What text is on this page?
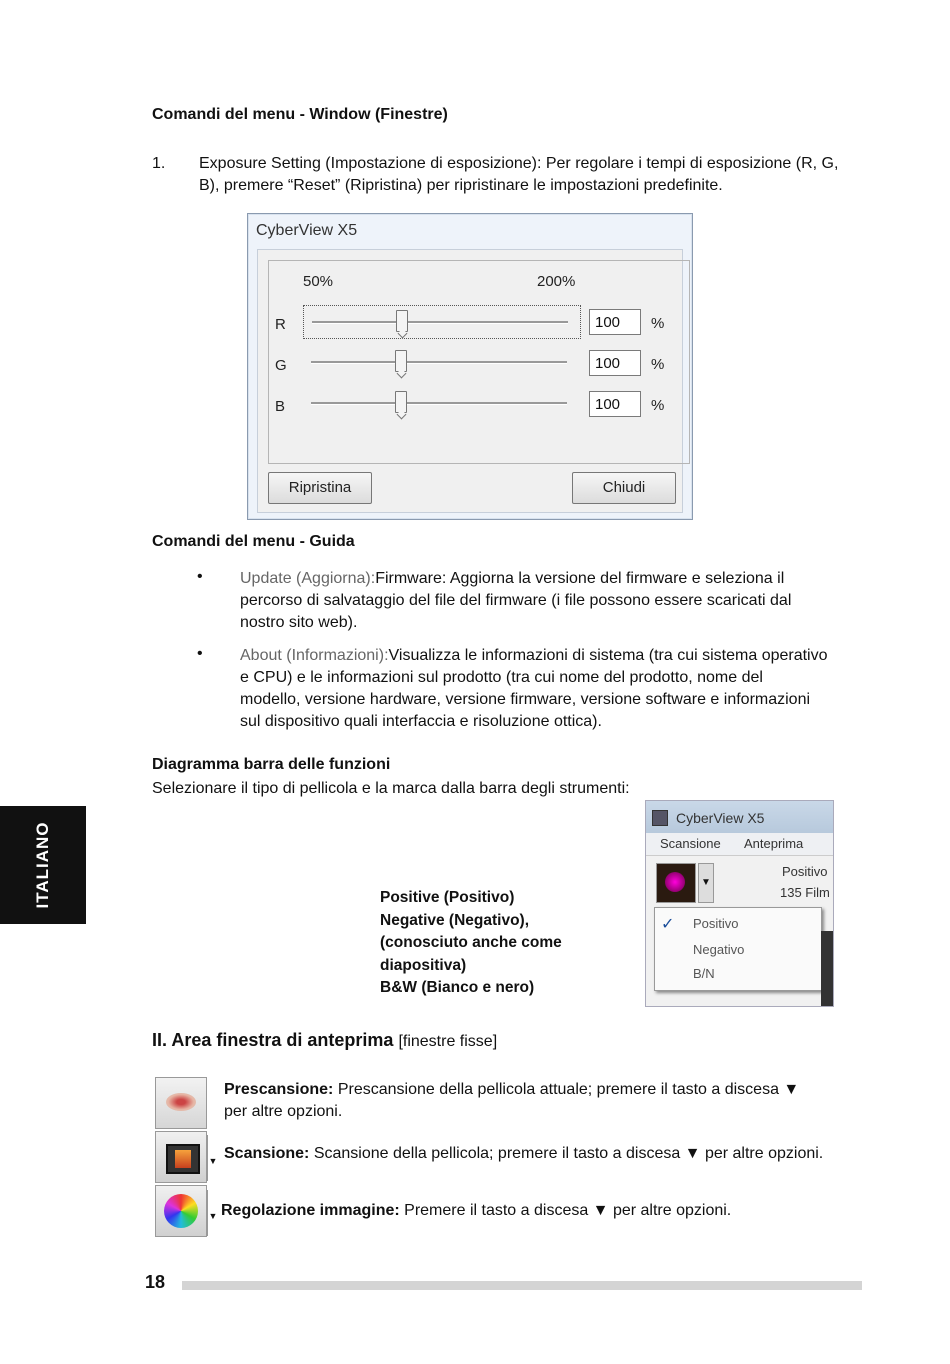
Comandi del menu - Window (Finestre)
1. Exposure Setting (Impostazione di esposizione): Per regolare i tempi di esposizione (R, G,
B), premere “Reset” (Ripristina) per ripristinare le impostazioni predefinite.
CyberView X5
50%	200%
R	100	%
G	100	%
B	100	%
Ripristina	Chiudi
Comandi del menu - Guida
• Update (Aggiorna):Firmware: Aggiorna la versione del firmware e seleziona il
percorso di salvataggio del file del firmware (i file possono essere scaricati dal
nostro sito web).
• About (Informazioni):Visualizza le informazioni di sistema (tra cui sistema operativo
e CPU) e le informazioni sul prodotto (tra cui nome del prodotto, nome del
modello, versione hardware, versione firmware, versione software e informazioni
sul dispositivo quali interfaccia e risoluzione ottica).
Diagramma barra delle funzioni
Selezionare il tipo di pellicola e la marca dalla barra degli strumenti:
ITALIANO	Positive (Positivo)
Negative (Negativo),
(conosciuto anche come
diapositiva)
B&W (Bianco e nero)
CyberView X5
Scansione Anteprima
▼
Positivo
135 Film
✓ Positivo
Negativo
B/N
II. Area finestra di anteprima [finestre fisse]
Prescansione: Prescansione della pellicola attuale; premere il tasto a discesa ▼
per altre opzioni.
▼ Scansione: Scansione della pellicola; premere il tasto a discesa ▼ per altre opzioni.
▼ Regolazione immagine: Premere il tasto a discesa ▼ per altre opzioni.
18
